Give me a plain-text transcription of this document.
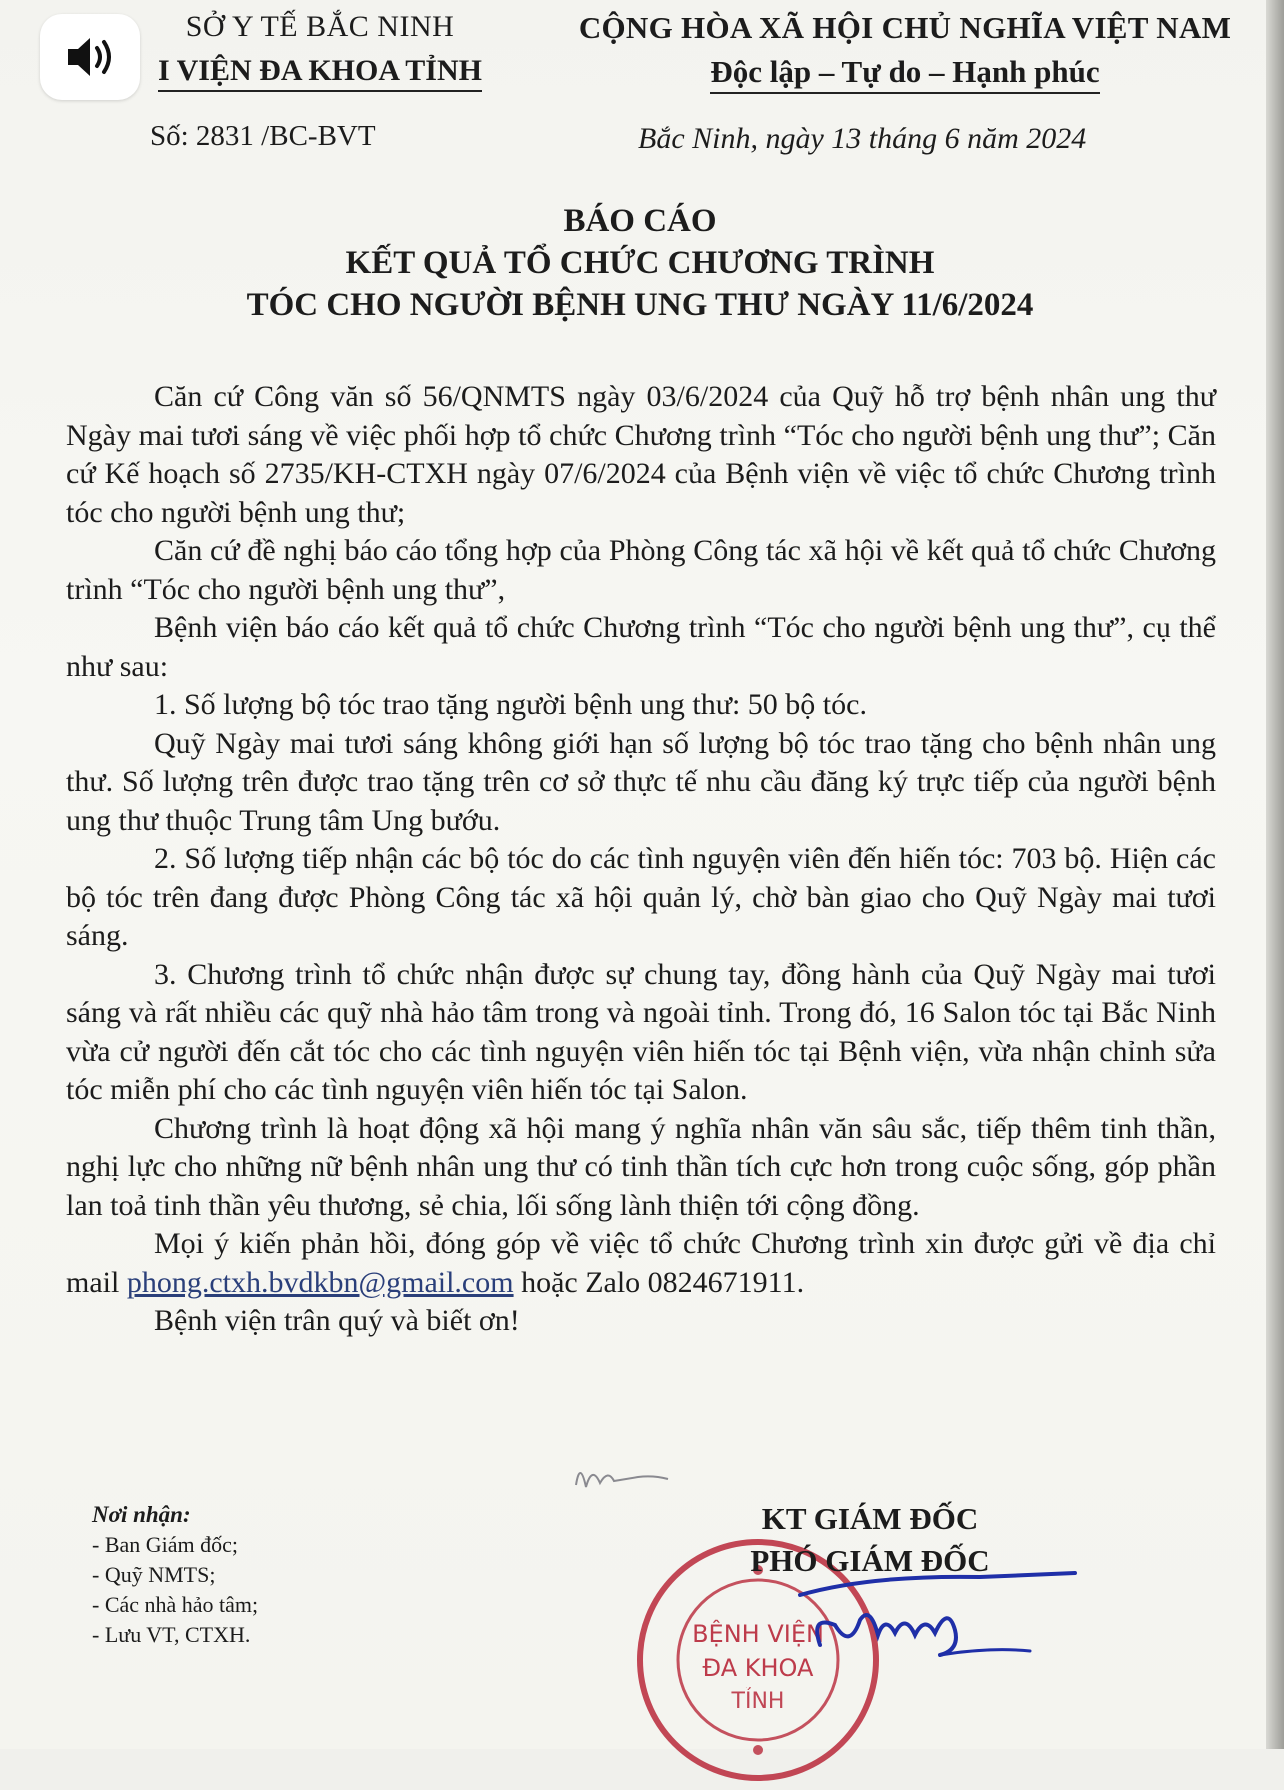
SỞ Y TẾ BẮC NINH
I VIỆN ĐA KHOA TỈNH
CỘNG HÒA XÃ HỘI CHỦ NGHĨA VIỆT NAM
Độc lập – Tự do – Hạnh phúc
Số: 2831 /BC-BVT	Bắc Ninh, ngày 13 tháng 6 năm 2024
BÁO CÁO
KẾT QUẢ TỔ CHỨC CHƯƠNG TRÌNH
TÓC CHO NGƯỜI BỆNH UNG THƯ NGÀY 11/6/2024

Căn cứ Công văn số 56/QNMTS ngày 03/6/2024 của Quỹ hỗ trợ bệnh nhân ung thư Ngày mai tươi sáng về việc phối hợp tổ chức Chương trình “Tóc cho người bệnh ung thư”; Căn cứ Kế hoạch số 2735/KH-CTXH ngày 07/6/2024 của Bệnh viện về việc tổ chức Chương trình tóc cho người bệnh ung thư;

Căn cứ đề nghị báo cáo tổng hợp của Phòng Công tác xã hội về kết quả tổ chức Chương trình “Tóc cho người bệnh ung thư”,

Bệnh viện báo cáo kết quả tổ chức Chương trình “Tóc cho người bệnh ung thư”, cụ thể như sau:

1. Số lượng bộ tóc trao tặng người bệnh ung thư: 50 bộ tóc.

Quỹ Ngày mai tươi sáng không giới hạn số lượng bộ tóc trao tặng cho bệnh nhân ung thư. Số lượng trên được trao tặng trên cơ sở thực tế nhu cầu đăng ký trực tiếp của người bệnh ung thư thuộc Trung tâm Ung bướu.

2. Số lượng tiếp nhận các bộ tóc do các tình nguyện viên đến hiến tóc: 703 bộ. Hiện các bộ tóc trên đang được Phòng Công tác xã hội quản lý, chờ bàn giao cho Quỹ Ngày mai tươi sáng.

3. Chương trình tổ chức nhận được sự chung tay, đồng hành của Quỹ Ngày mai tươi sáng và rất nhiều các quỹ nhà hảo tâm trong và ngoài tỉnh. Trong đó, 16 Salon tóc tại Bắc Ninh vừa cử người đến cắt tóc cho các tình nguyện viên hiến tóc tại Bệnh viện, vừa nhận chỉnh sửa tóc miễn phí cho các tình nguyện viên hiến tóc tại Salon.

Chương trình là hoạt động xã hội mang ý nghĩa nhân văn sâu sắc, tiếp thêm tinh thần, nghị lực cho những nữ bệnh nhân ung thư có tinh thần tích cực hơn trong cuộc sống, góp phần lan toả tinh thần yêu thương, sẻ chia, lối sống lành thiện tới cộng đồng.

Mọi ý kiến phản hồi, đóng góp về việc tổ chức Chương trình xin được gửi về địa chỉ mail phong.ctxh.bvdkbn@gmail.com hoặc Zalo 0824671911.

Bệnh viện trân quý và biết ơn!

Nơi nhận:
- Ban Giám đốc;
- Quỹ NMTS;
- Các nhà hảo tâm;
- Lưu VT, CTXH.	BỆNH VIỆN
ĐA KHOA
TỈNH
KT GIÁM ĐỐC
PHÓ GIÁM ĐỐC
